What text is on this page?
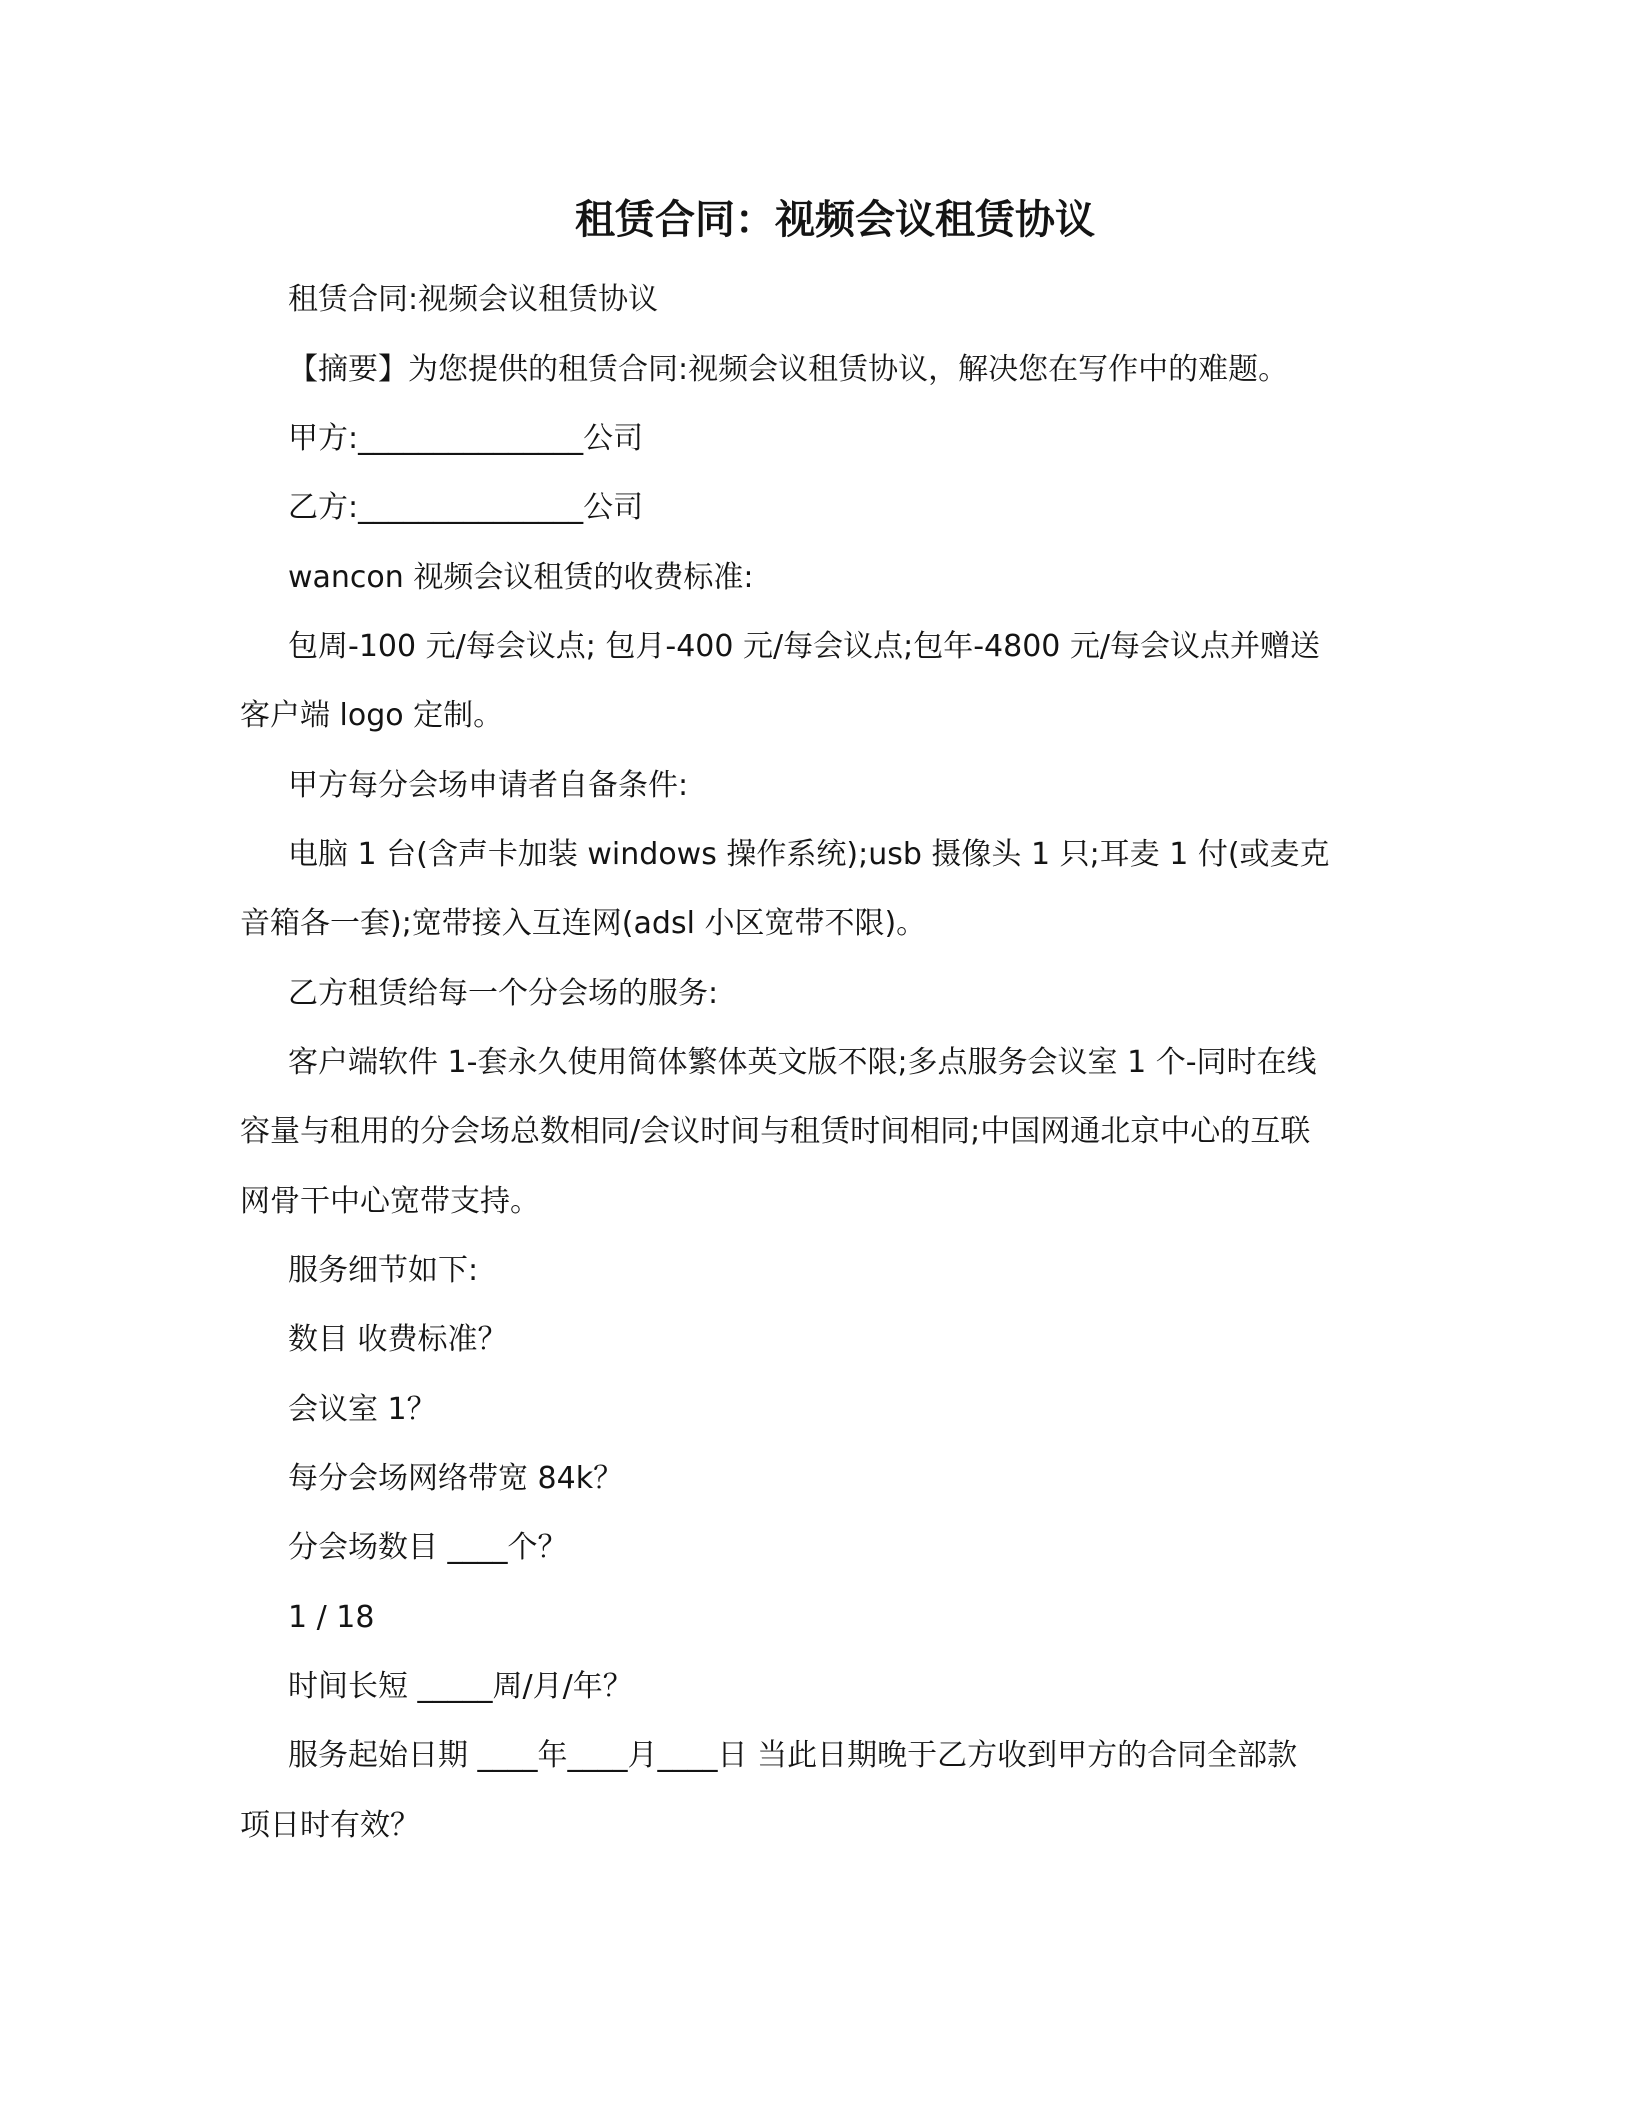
租赁合同：视频会议租赁协议
租赁合同:视频会议租赁协议
【摘要】为您提供的租赁合同:视频会议租赁协议，解决您在写作中的难题。
甲方:_______________公司
乙方:_______________公司
wancon 视频会议租赁的收费标准:
包周-100 元/每会议点; 包月-400 元/每会议点;包年-4800 元/每会议点并赠送
客户端 logo 定制。
甲方每分会场申请者自备条件:
电脑 1 台(含声卡加装 windows 操作系统);usb 摄像头 1 只;耳麦 1 付(或麦克
音箱各一套);宽带接入互连网(adsl 小区宽带不限)。
乙方租赁给每一个分会场的服务:
客户端软件 1-套永久使用简体繁体英文版不限;多点服务会议室 1 个-同时在线
容量与租用的分会场总数相同/会议时间与租赁时间相同;中国网通北京中心的互联
网骨干中心宽带支持。
服务细节如下:
数目 收费标准？
会议室 1？
每分会场网络带宽 84k？
分会场数目 ____个？
1 / 18
时间长短 _____周/月/年？
服务起始日期 ____年____月____日 当此日期晚于乙方收到甲方的合同全部款
项日时有效？
